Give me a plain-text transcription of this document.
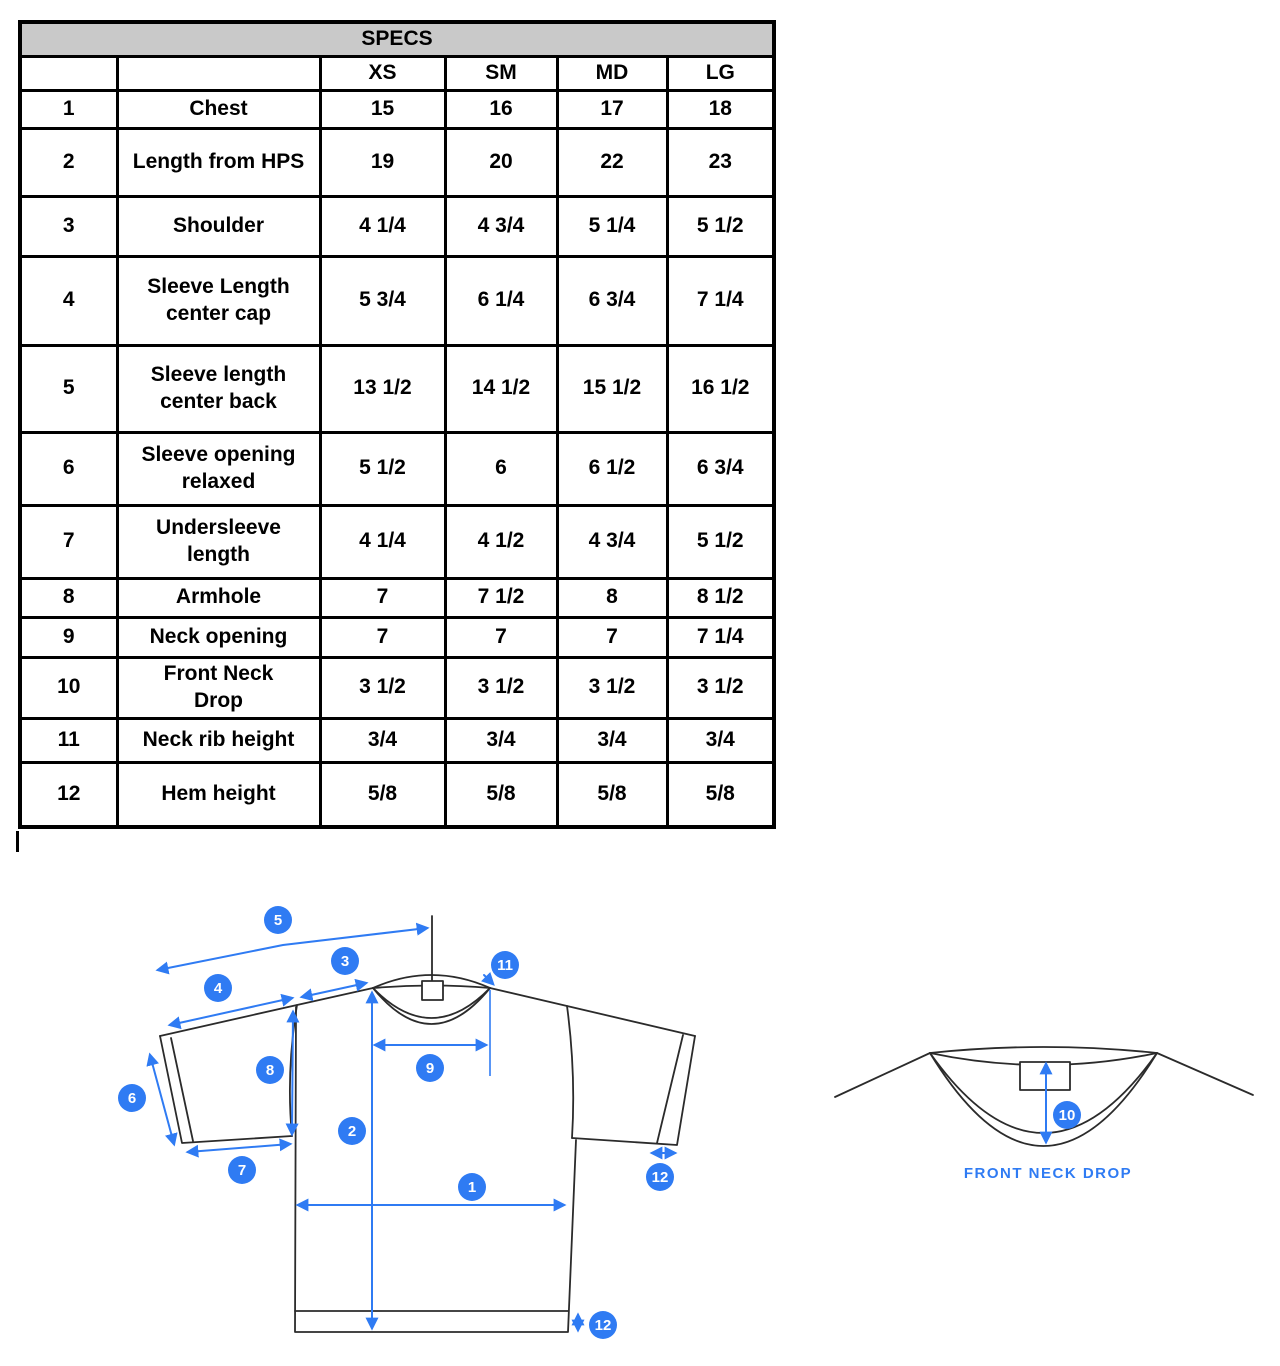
SPECS					
		XS	SM	MD	LG
1	Chest	15	16	17	18
2	Length from HPS	19	20	22	23
3	Shoulder	4 1/4	4 3/4	5 1/4	5 1/2
4	Sleeve Length center cap	5 3/4	6 1/4	6 3/4	7 1/4
5	Sleeve length center back	13 1/2	14 1/2	15 1/2	16 1/2
6	Sleeve opening relaxed	5 1/2	6	6 1/2	6 3/4
7	Undersleeve length	4 1/4	4 1/2	4 3/4	5 1/2
8	Armhole	7	7 1/2	8	8 1/2
9	Neck opening	7	7	7	7 1/4
10	Front Neck Drop	3 1/2	3 1/2	3 1/2	3 1/2
11	Neck rib height	3/4	3/4	3/4	3/4
12	Hem height	5/8	5/8	5/8	5/8
1
2
3
4
5
6
7
8	9
11
12
12
10
FRONT NECK DROP
